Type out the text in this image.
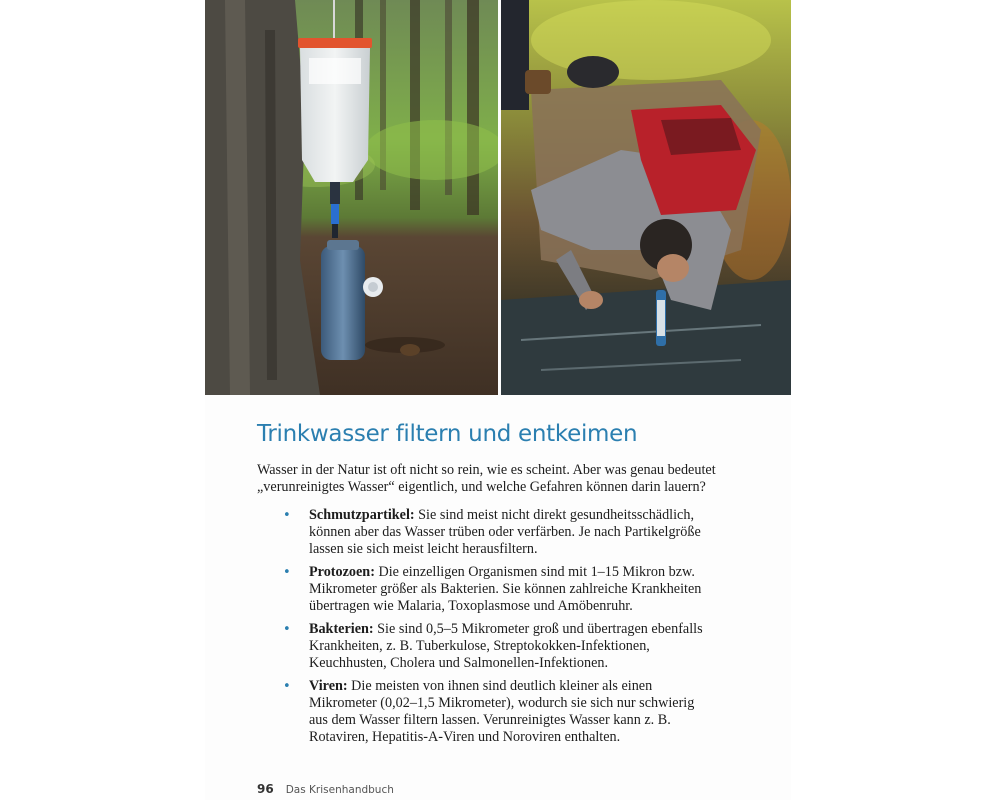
Trinkwasser filtern und entkeimen

Wasser in der Natur ist oft nicht so rein, wie es scheint. Aber was genau bedeutet „verunreinigtes Wasser“ eigentlich, und welche Gefahren können darin lauern?

• Schmutzpartikel: Sie sind meist nicht direkt gesundheitsschädlich, können aber das Wasser trüben oder verfärben. Je nach Partikelgröße lassen sie sich meist leicht herausfiltern.
• Protozoen: Die einzelligen Organismen sind mit 1–15 Mikron bzw. Mikrometer größer als Bakterien. Sie können zahlreiche Krankheiten übertragen wie Malaria, Toxoplasmose und Amöbenruhr.
• Bakterien: Sie sind 0,5–5 Mikrometer groß und übertragen ebenfalls Krankheiten, z. B. Tuberkulose, Streptokokken-Infektionen, Keuchhusten, Cholera und Salmonellen-Infektionen.
• Viren: Die meisten von ihnen sind deutlich kleiner als einen Mikrometer (0,02–1,5 Mikrometer), wodurch sie sich nur schwierig aus dem Wasser filtern lassen. Verunreinigtes Wasser kann z. B. Rotaviren, Hepatitis-A-Viren und Noroviren enthalten.
96 Das Krisenhandbuch
